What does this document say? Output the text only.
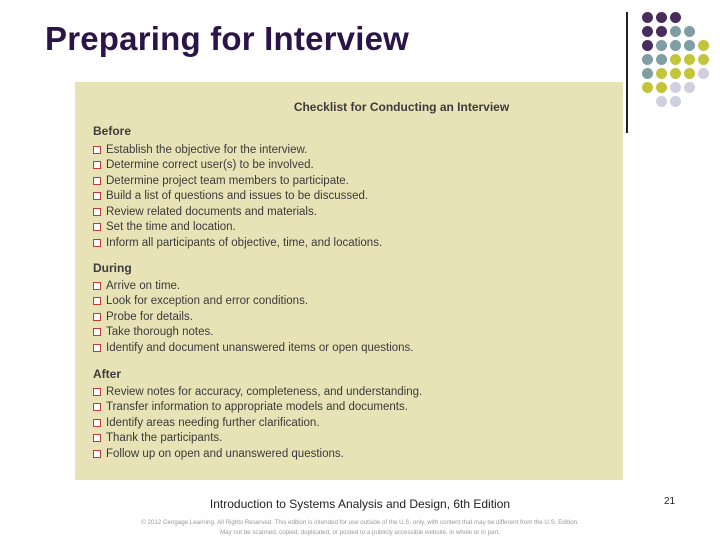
Preparing for Interview
Checklist for Conducting an Interview
Before
Establish the objective for the interview.
Determine correct user(s) to be involved.
Determine project team members to participate.
Build a list of questions and issues to be discussed.
Review related documents and materials.
Set the time and location.
Inform all participants of objective, time, and locations.
During
Arrive on time.
Look for exception and error conditions.
Probe for details.
Take thorough notes.
Identify and document unanswered items or open questions.
After
Review notes for accuracy, completeness, and understanding.
Transfer information to appropriate models and documents.
Identify areas needing further clarification.
Thank the participants.
Follow up on open and unanswered questions.
Introduction to Systems Analysis and Design, 6th Edition	21
© 2012 Cengage Learning. All Rights Reserved. This edition is intended for use outside of the U.S. only, with content that may be different from the U.S. Edition.
May not be scanned, copied, duplicated, or posted to a publicly accessible website, in whole or in part.
